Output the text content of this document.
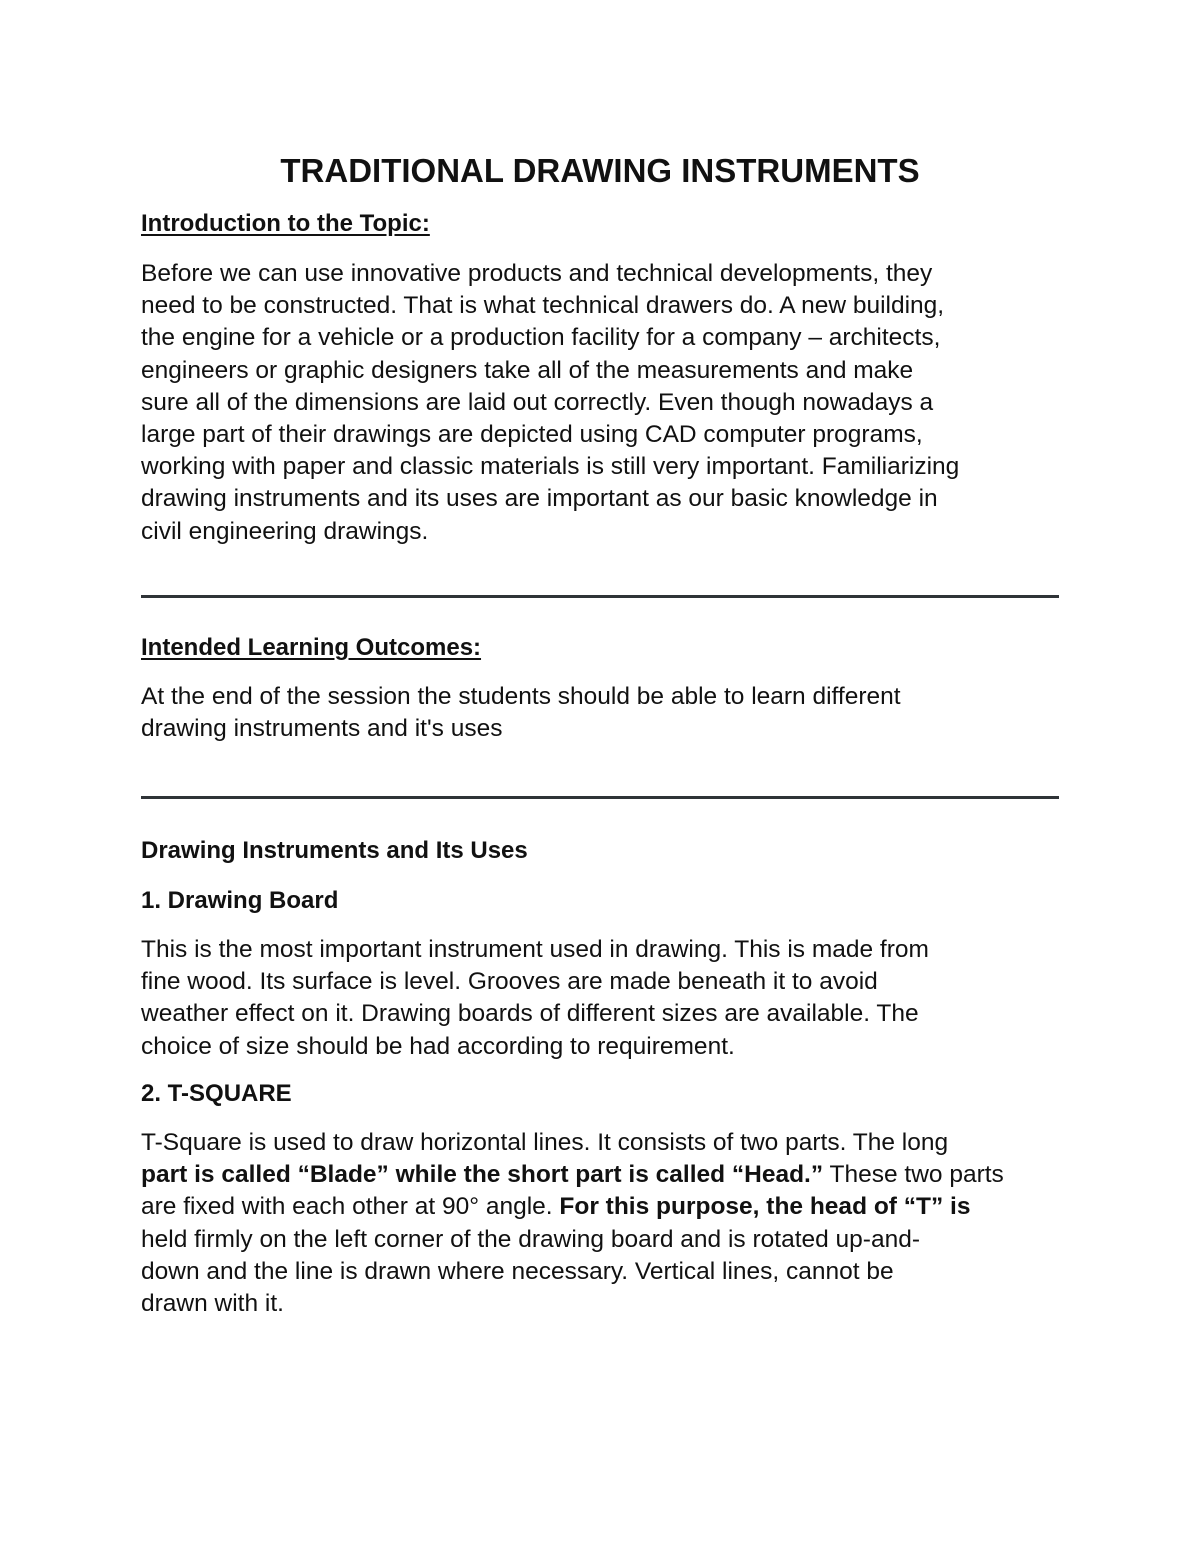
TRADITIONAL DRAWING INSTRUMENTS
Introduction to the Topic:

Before we can use innovative products and technical developments, they
need to be constructed. That is what technical drawers do. A new building,
the engine for a vehicle or a production facility for a company – architects,
engineers or graphic designers take all of the measurements and make
sure all of the dimensions are laid out correctly. Even though nowadays a
large part of their drawings are depicted using CAD computer programs,
working with paper and classic materials is still very important. Familiarizing
drawing instruments and its uses are important as our basic knowledge in
civil engineering drawings.

Intended Learning Outcomes:

At the end of the session the students should be able to learn different
drawing instruments and it's uses

Drawing Instruments and Its Uses
1. Drawing Board

This is the most important instrument used in drawing. This is made from
fine wood. Its surface is level. Grooves are made beneath it to avoid
weather effect on it. Drawing boards of different sizes are available. The
choice of size should be had according to requirement.

2. T-SQUARE

T-Square is used to draw horizontal lines. It consists of two parts. The long
part is called “Blade” while the short part is called “Head.” These two parts
are fixed with each other at 90° angle. For this purpose, the head of “T” is
held firmly on the left corner of the drawing board and is rotated up-and-
down and the line is drawn where necessary. Vertical lines, cannot be
drawn with it.
